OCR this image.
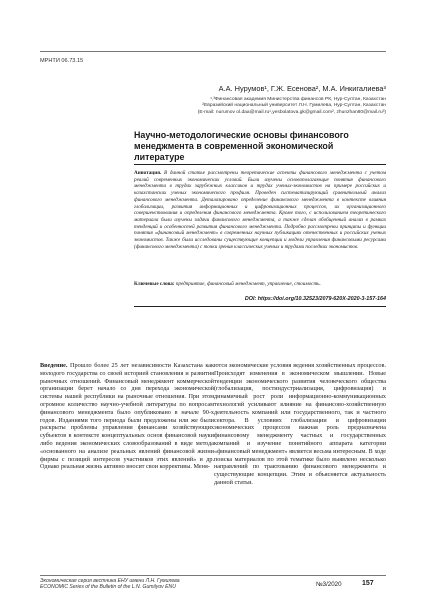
МРНТИ 06.73.15
А.А. Нурумов¹, Г.Ж. Есенова², М.А. Инкигалиева³
¹,³Финансовая академия Министерства финансов РК, Нур-Султан, Казахстан
²Евразийский национальный университет Л.Н. Гумилева, Нур-Султан, Казахстан
(E-mail: nurumov ol.daa@mail.ru¹,yesbolatova.gk@gmail.com², zhunzhan80@mail.ru³)
Научно-методологические основы финансового менеджмента в современной экономической литературе
Аннотация. В данной статье рассмотрены теоретические аспекты финансового менеджмента с учетом реалий современных экономических условий. Были изучены основополагающие понятия финансового менеджмента в трудах зарубежных классиков и трудах ученых-экономистов на примере российских и казахстанских ученых экономического профиля. Проведен систематизирующий сравнительный анализ финансового менеджмента. Детализировано определение финансового менеджмента в контексте влияния глобализации, развития информационных и цифровизационных процессов, их организационного совершенствования и определения финансового менеджмента. Кроме того, с использованием теоретического материала были изучены задачи финансового менеджмента, а также сделан обобщенный анализ в рамках тенденций и особенностей развития финансового менеджмента. Подробно рассмотрены принципы и функции понятия «финансовый менеджмент» в современных научных публикациях отечественных и российских ученых экономистов. Также были исследованы существующие концепции и модели управления финансовыми ресурсами (финансового менеджмента) с точки зрения классических ученых и трудами последних экономистов.
Ключевые слова: предприятие, финансовый менеджмент, управление, стоимость.
DOI: https://doi.org/10.32523/2079-620X-2020-3-157-164
Введение. Прошло более 25 лет независимости Казахстана как молодого государства со своей историей становления и развития рыночных отношений. Финансовый менеджмент коммерческой организации берет начало со дня перехода экономической системы нашей республики на рыночные отношения. При этом огромное количество научно-учебной литературы по вопросам финансового менеджмента было опубликовано в начале 90-х годов. Изданиями того периода были предложены или же были раскрыты проблемы управления финансами хозяйствующих субъектов в контексте концептуальных основ финансовой науки либо ведения экономических словообразований в виде метода «основанного на анализе реальных явлений финансовой жизни фирмы с позиций интересов участников этих явлений» и др. Однако реальная жизнь активно вносит свои коррективы. Меня-
ются экономические условия ведения хозяйственных процессов. Происходят изменения в экономическом мышлении. Новые тенденции экономического развития человеческого общества (глобализация, постиндустриализация, цифровизация) и динамичный рост роли информационно-коммуникационных технологий усиливают влияние на финансово-хозяйственную деятельность компаний или государственного, так и частного сектора. В условиях глобализации и цифровизации экономических процессов важная роль предназначена финансовому менеджменту частных и государственных компаний и изучение понятийного аппарата категории «финансовый менеджмент» является весьма интересным. В ходе поиска материалов по этой тематике было выявлено несколько направлений по трактованию финансового менеджмента и существующие концепции. Этим и объясняется актуальность данной статьи.
Экономическая серия вестника ЕНУ имени Л.Н. Гумилева
ECONOMIC Series of the Bulletin of the L.N. Gumilyov ENU	№3/2020	157
